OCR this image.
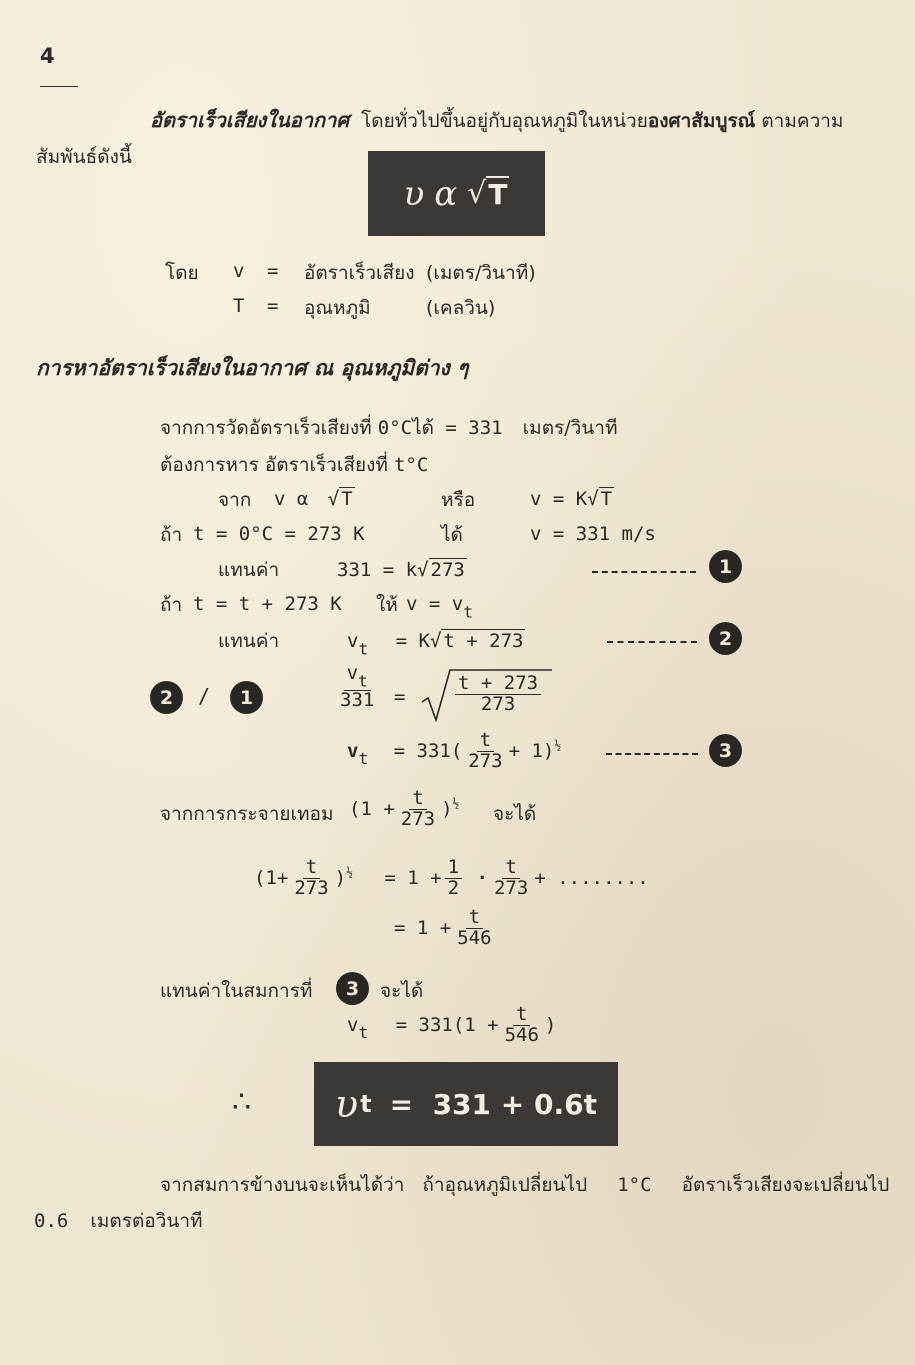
4
อัตราเร็วเสียงในอากาศ โดยทั่วไปขึ้นอยู่กับอุณหภูมิในหน่วยองศาสัมบูรณ์ ตามความ
สัมพันธ์ดังนี้
υ α √ T
โดย v = อัตราเร็วเสียง (เมตร/วินาที)
T = อุณหภูมิ	(เคลวิน)
การหาอัตราเร็วเสียงในอากาศ ณ อุณหภูมิต่าง ๆ
จากการวัดอัตราเร็วเสียงที่ 0°Cได้ = 331 เมตร/วินาที
ต้องการหาร อัตราเร็วเสียงที่ t°C
จาก v α √ T	หรือ	v = K√ T
ถ้า t = 0°C = 273 K	ได้	v = 331 m/s
แทนค่า	331 = k√ 273	1
ถ้า t = t + 273 K ให้ $v = v_t$
แทนค่า	$v_t = K√$ t + 273	2
2	/	1	$\frac{v_t}{331}$ =	$\frac{t + 273}{273}$
$v_t = 331( \frac{t}{273} + 1)^{\frac{1}{2}}$	3
จากการกระจายเทอม $(1 + \frac{t}{273} )^{\frac{1}{2}}$
จะได้
$(1+ \frac{t}{273} )^{\frac{1}{2}} = 1 + \frac{1}{2} \cdot \frac{t}{273}$ + ........
= $1 + \frac{t}{546}$
แทนค่าในสมการที่	3	จะได้
$v_t = 331(1 + \frac{t}{546}$ )
∴ υ t =  331 + 0.6t
จากสมการข้างบนจะเห็นได้ว่า ถ้าอุณหภูมิเปลี่ยนไป 1°C อัตราเร็วเสียงจะเปลี่ยนไป
0.6 เมตรต่อวินาที
